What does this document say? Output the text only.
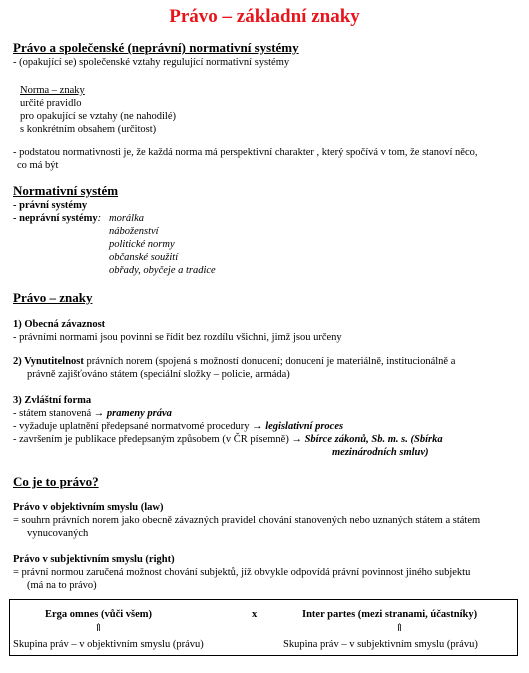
Právo – základní znaky
Právo a společenské (neprávní) normativní systémy
- (opakující se) společenské vztahy regulující normativní systémy
Norma – znaky
určité pravidlo
pro opakující se vztahy (ne nahodilé)
s konkrétním obsahem (určitost)
- podstatou normativnosti je, že každá norma má perspektivní charakter , který spočívá v tom, že stanoví něco,
co má být
Normativní systém
- právní systémy
- neprávní systémy: morálka
náboženství
politické normy
občanské soužití
obřady, obyčeje a tradice
Právo – znaky
1) Obecná závaznost
- právními normami jsou povinni se řídit bez rozdílu všichni, jimž jsou určeny
2) Vynutitelnost právních norem (spojená s možností donucení; donucení je materiálně, institucionálně a
právně zajišťováno státem (speciální složky – policie, armáda)
3) Zvláštní forma
- státem stanovená → prameny práva
- vyžaduje uplatnění předepsané normatvomé procedury → legislativní proces
- završením je publikace předepsaným způsobem (v ČR písemně) → Sbírce zákonů, Sb. m. s. (Sbírka
mezinárodních smluv)
Co je to právo?
Právo v objektivním smyslu (law)
= souhrn právních norem jako obecně závazných pravidel chování stanovených nebo uznaných státem a státem
vynucovaných
Právo v subjektivním smyslu (right)
= právní normou zaručená možnost chování subjektů, jíž obvykle odpovídá právní povinnost jiného subjektu
(má na to právo)
Erga omnes (vůči všem)	x	Inter partes (mezi stranami, účastníky)
⇑	⇑
Skupina práv – v objektivním smyslu (právu)	Skupina práv – v subjektivním smyslu (právu)
